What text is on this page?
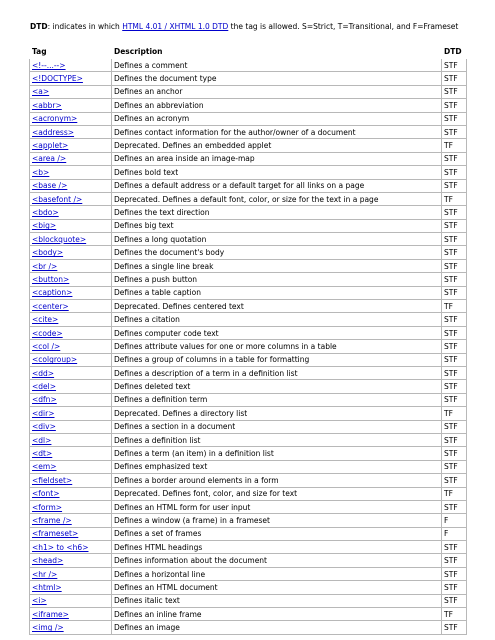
DTD: indicates in which HTML 4.01 / XHTML 1.0 DTD the tag is allowed. S=Strict, T=Transitional, and F=Frameset
Tag	Description	DTD
<!--...-->	Defines a comment	STF
<!DOCTYPE>	Defines the document type	STF
<a>	Defines an anchor	STF
<abbr>	Defines an abbreviation	STF
<acronym>	Defines an acronym	STF
<address>	Defines contact information for the author/owner of a document	STF
<applet>	Deprecated. Defines an embedded applet	TF
<area />	Defines an area inside an image-map	STF
<b>	Defines bold text	STF
<base />	Defines a default address or a default target for all links on a page	STF
<basefont />	Deprecated. Defines a default font, color, or size for the text in a page	TF
<bdo>	Defines the text direction	STF
<big>	Defines big text	STF
<blockquote>	Defines a long quotation	STF
<body>	Defines the document's body	STF
<br />	Defines a single line break	STF
<button>	Defines a push button	STF
<caption>	Defines a table caption	STF
<center>	Deprecated. Defines centered text	TF
<cite>	Defines a citation	STF
<code>	Defines computer code text	STF
<col />	Defines attribute values for one or more columns in a table	STF
<colgroup>	Defines a group of columns in a table for formatting	STF
<dd>	Defines a description of a term in a definition list	STF
<del>	Defines deleted text	STF
<dfn>	Defines a definition term	STF
<dir>	Deprecated. Defines a directory list	TF
<div>	Defines a section in a document	STF
<dl>	Defines a definition list	STF
<dt>	Defines a term (an item) in a definition list	STF
<em>	Defines emphasized text	STF
<fieldset>	Defines a border around elements in a form	STF
<font>	Deprecated. Defines font, color, and size for text	TF
<form>	Defines an HTML form for user input	STF
<frame />	Defines a window (a frame) in a frameset	F
<frameset>	Defines a set of frames	F
<h1> to <h6>	Defines HTML headings	STF
<head>	Defines information about the document	STF
<hr />	Defines a horizontal line	STF
<html>	Defines an HTML document	STF
<i>	Defines italic text	STF
<iframe>	Defines an inline frame	TF
<img />	Defines an image	STF
